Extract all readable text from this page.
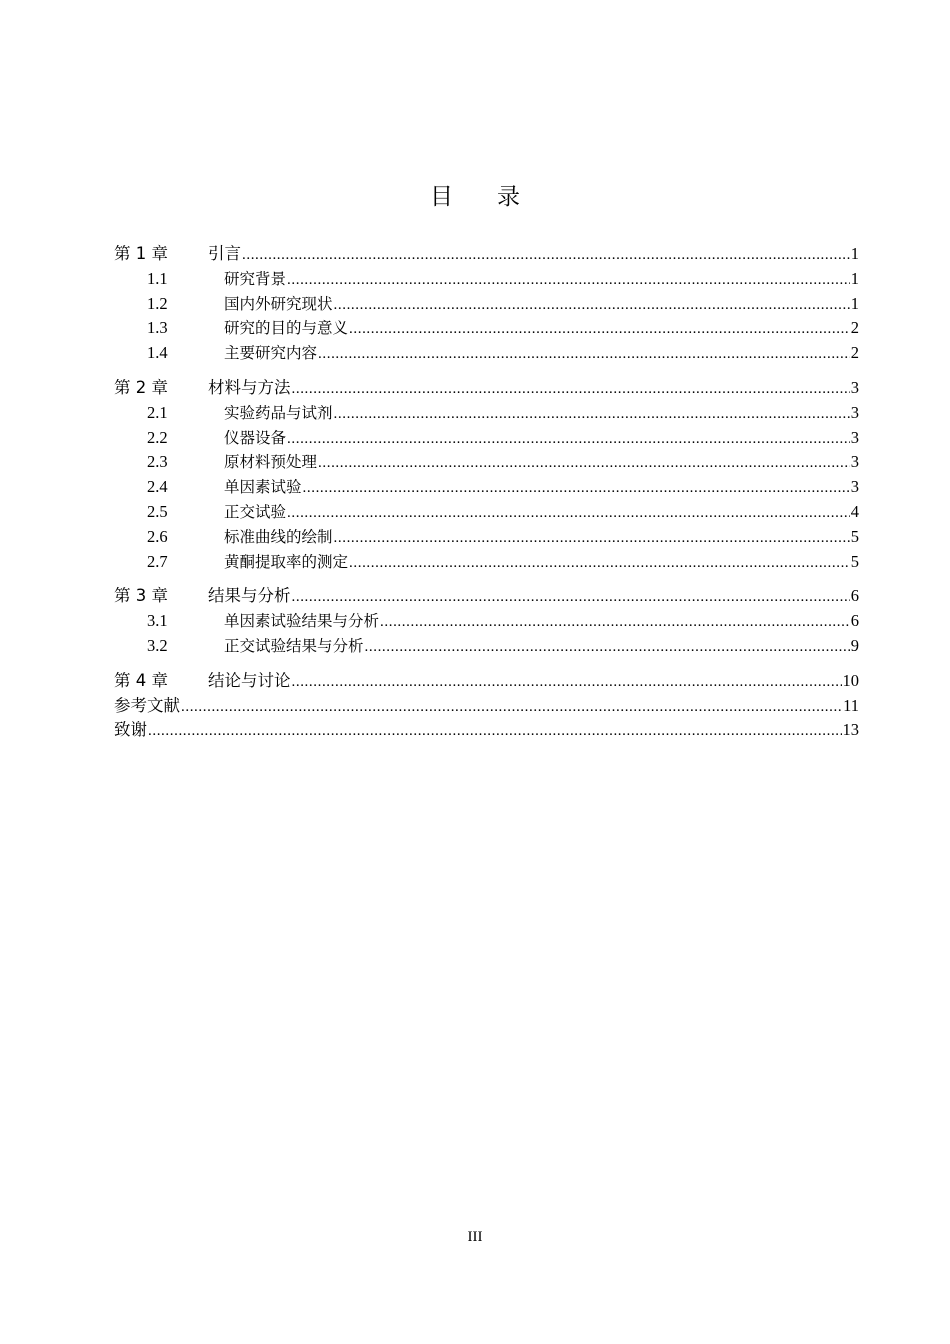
目 录
第 1 章	引言 .....	1
1.1	研究背景 .....	1
1.2	国内外研究现状 .....	1
1.3	研究的目的与意义 .....	2
1.4	主要研究内容 .....	2
第 2 章	材料与方法 .....	3
2.1	实验药品与试剂 .....	3
2.2	仪器设备 .....	3
2.3	原材料预处理 .....	3
2.4	单因素试验 .....	3
2.5	正交试验 .....	4
2.6	标准曲线的绘制 .....	5
2.7	黄酮提取率的测定 .....	5
第 3 章	结果与分析 .....	6
3.1	单因素试验结果与分析 .....	6
3.2	正交试验结果与分析 .....	9
第 4 章	结论与讨论 .....	10
参考文献 .....	11
致谢 .....	13
III
